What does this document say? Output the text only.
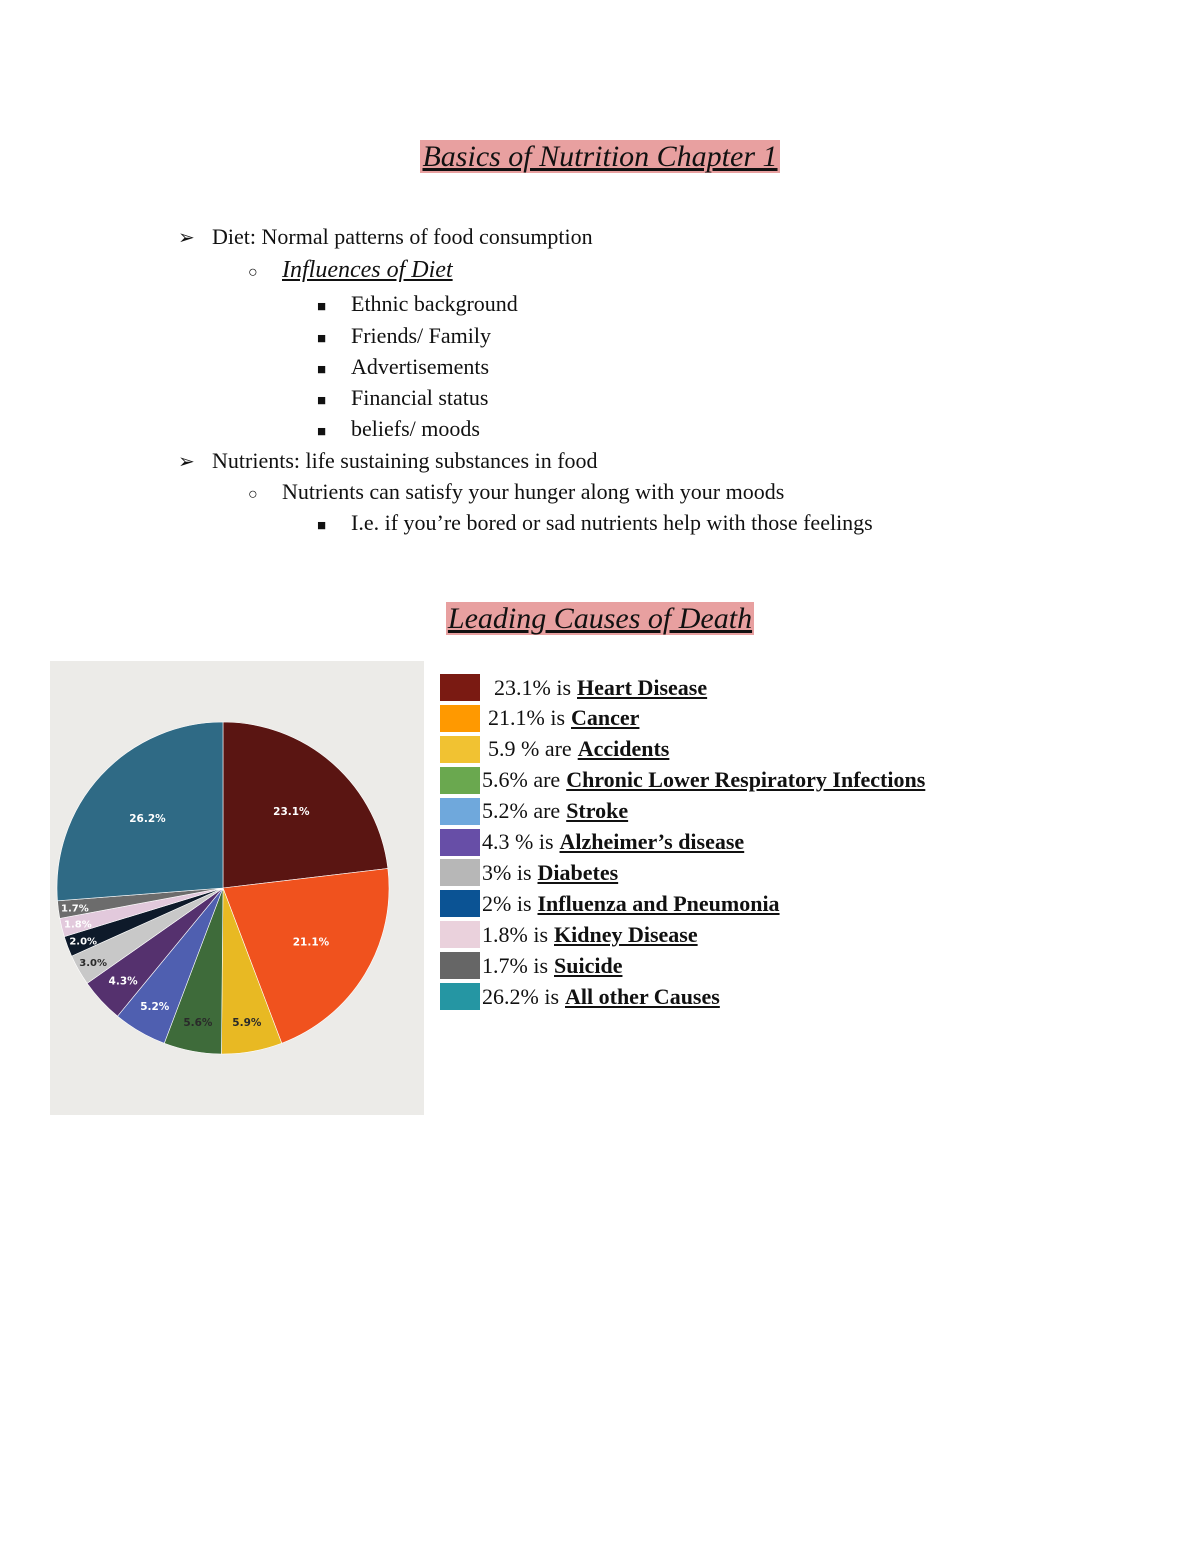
Basics of Nutrition Chapter 1
➢ Diet: Normal patterns of food consumption
○	Influences of Diet
■	Ethnic background
■	Friends/ Family
■	Advertisements
■	Financial status
■	beliefs/ moods
➢ Nutrients: life sustaining substances in food
○	Nutrients can satisfy your hunger along with your moods
■	I.e. if you’re bored or sad nutrients help with those feelings
Leading Causes of Death
23.1%
21.1%
5.9%
5.6%
5.2%
4.3%
3.0%
2.0%
1.8%
1.7%
26.2%
23.1% is Heart Disease
21.1% is Cancer
5.9 % are Accidents
5.6% are Chronic Lower Respiratory Infections
5.2% are Stroke
4.3 % is Alzheimer’s disease
3% is Diabetes
2% is Influenza and Pneumonia
1.8% is Kidney Disease
1.7% is Suicide
26.2% is All other Causes
